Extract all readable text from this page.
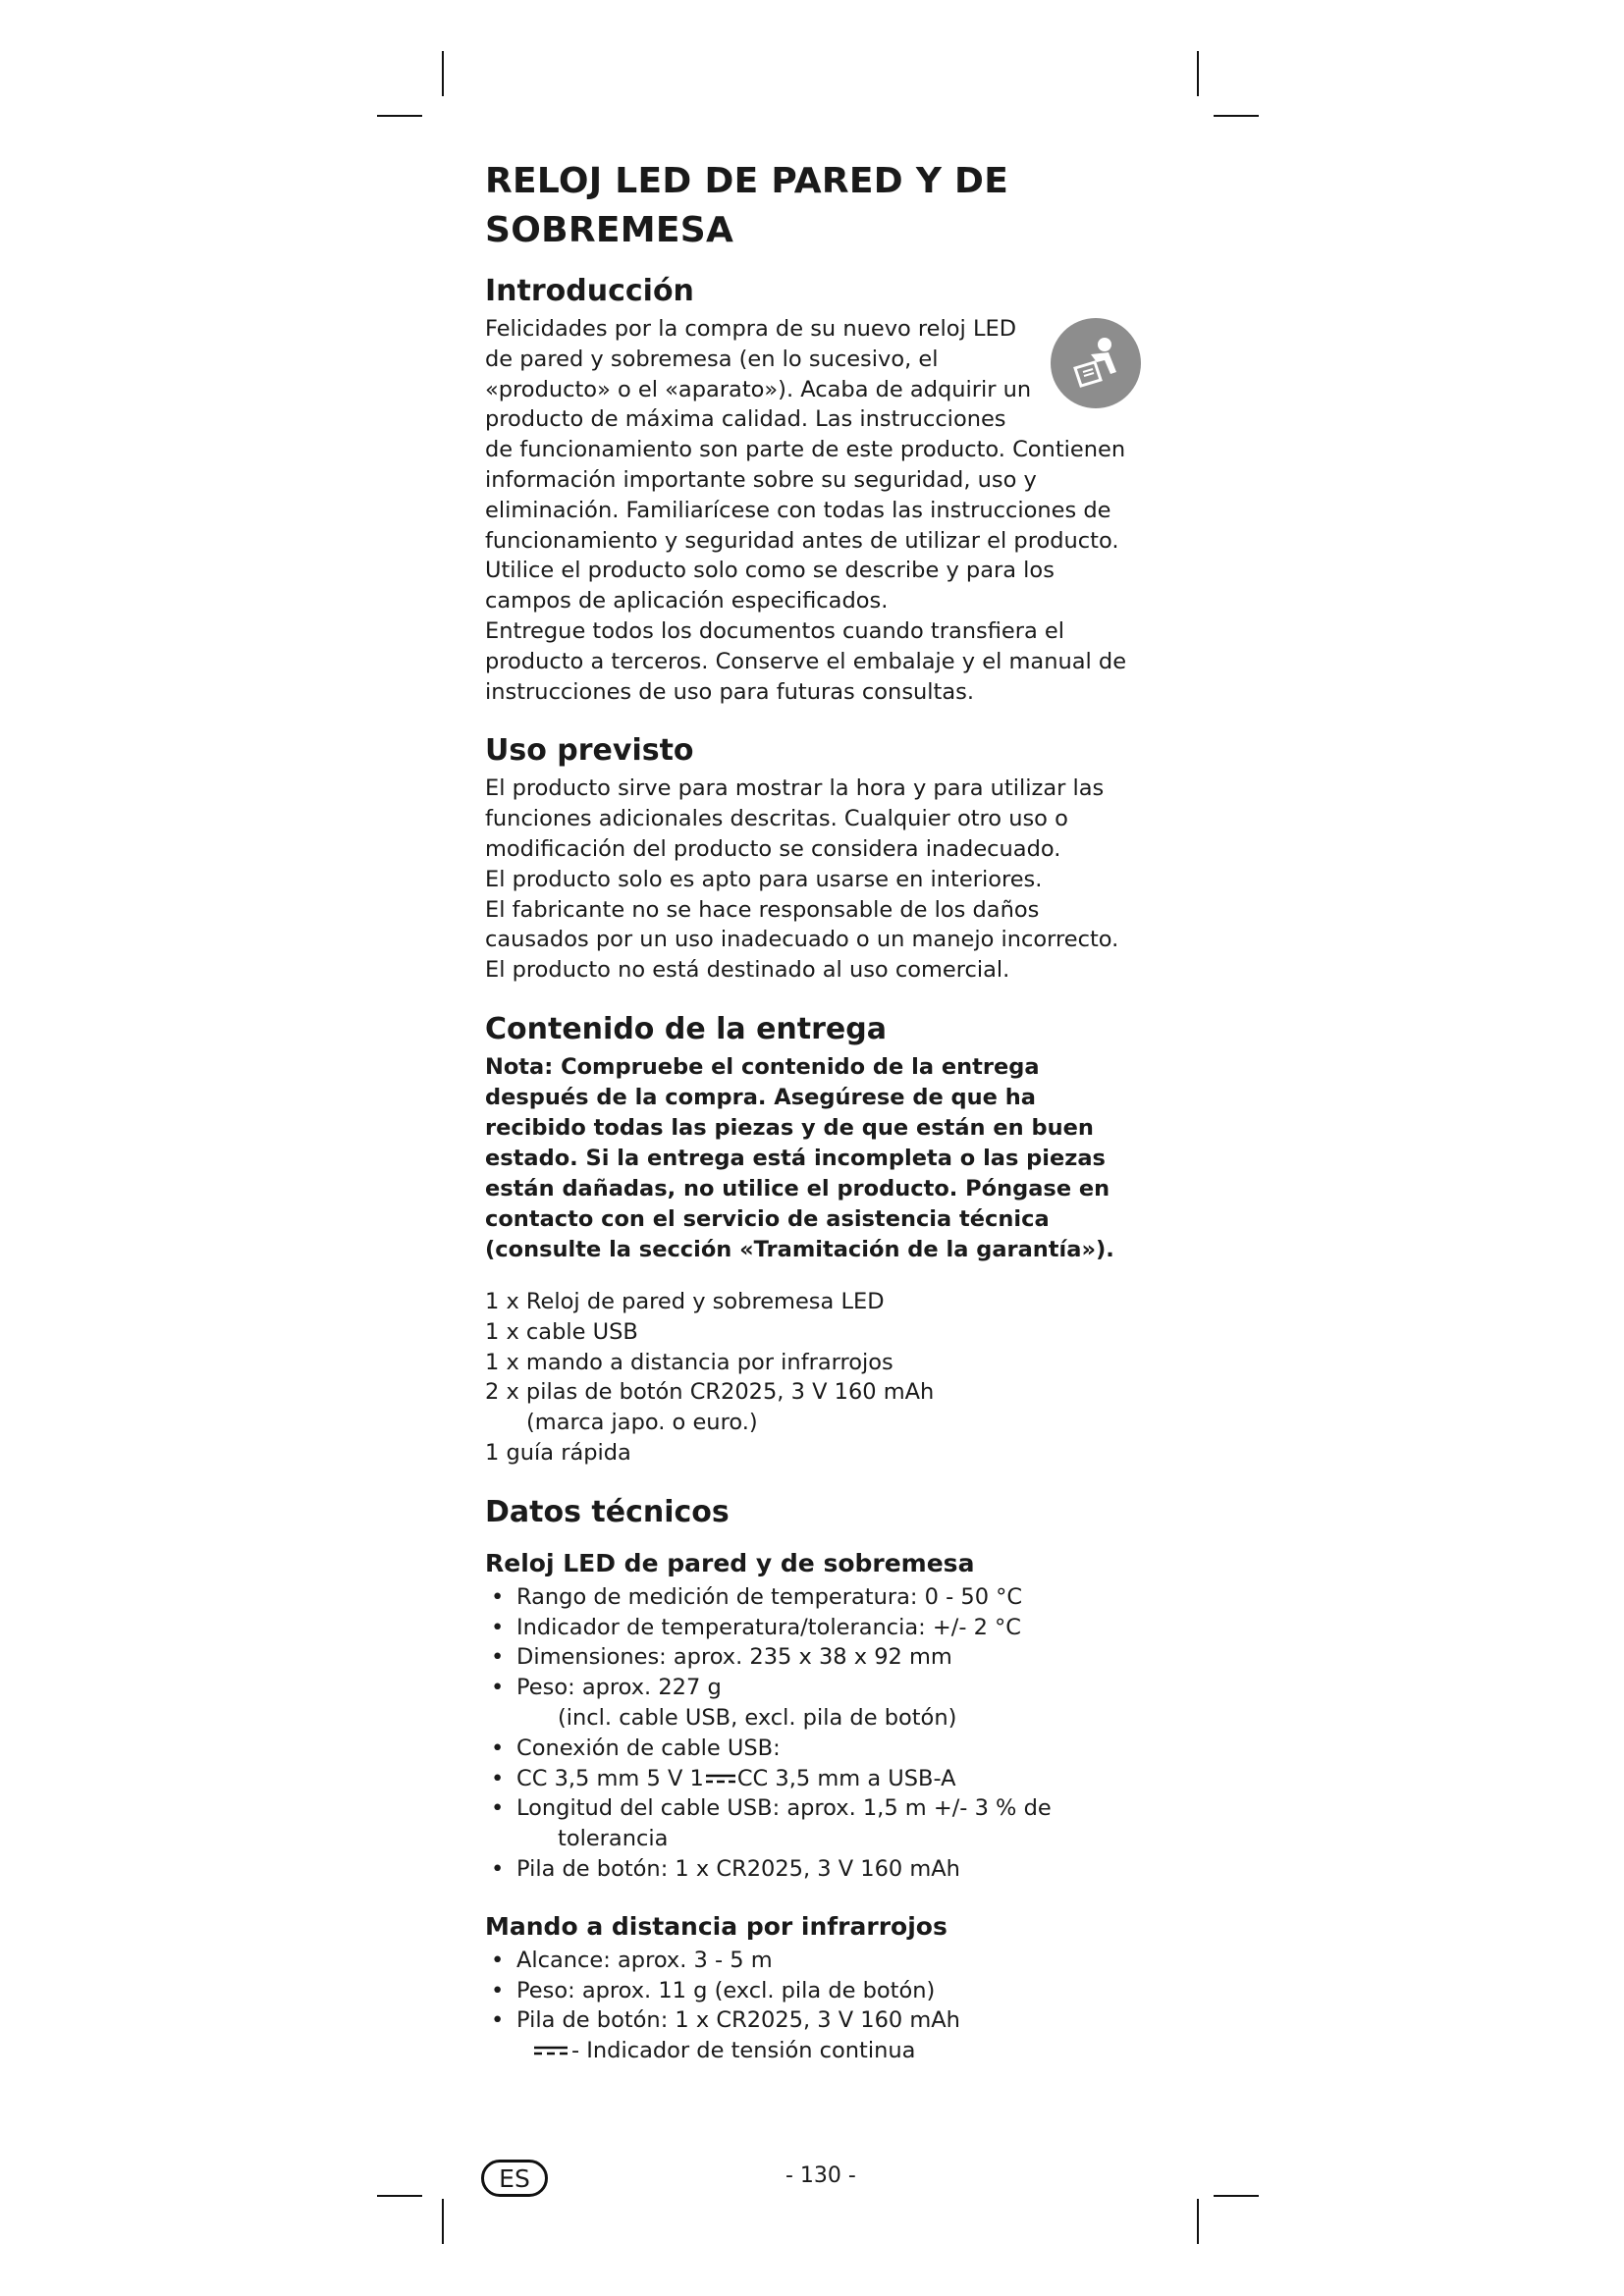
RELOJ LED DE PARED Y DE SOBREMESA
Introducción

Felicidades por la compra de su nuevo reloj LED de pared y sobremesa (en lo sucesivo, el «producto» o el «aparato»). Acaba de adquirir un producto de máxima calidad. Las instrucciones de funcionamiento son parte de este producto. Contienen información importante sobre su seguridad, uso y eliminación. Familiarícese con todas las instrucciones de funcionamiento y seguridad antes de utilizar el producto. Utilice el producto solo como se describe y para los campos de aplicación especificados.

Entregue todos los documentos cuando transfiera el producto a terceros. Conserve el embalaje y el manual de instrucciones de uso para futuras consultas.

Uso previsto

El producto sirve para mostrar la hora y para utilizar las funciones adicionales descritas. Cualquier otro uso o modificación del producto se considera inadecuado.

El producto solo es apto para usarse en interiores.

El fabricante no se hace responsable de los daños causados por un uso inadecuado o un manejo incorrecto. El producto no está destinado al uso comercial.

Contenido de la entrega
Nota: Compruebe el contenido de la entrega después de la compra. Asegúrese de que ha recibido todas las piezas y de que están en buen estado. Si la entrega está incompleta o las piezas están dañadas, no utilice el producto. Póngase en contacto con el servicio de asistencia técnica (consulte la sección «Tramitación de la garantía»).
1 x Reloj de pared y sobremesa LED
1 x cable USB
1 x mando a distancia por infrarrojos
2 x pilas de botón CR2025, 3 V 160 mAh
(marca japo. o euro.)
1 guía rápida
Datos técnicos
Reloj LED de pared y de sobremesa
• Rango de medición de temperatura: 0 - 50 °C
• Indicador de temperatura/tolerancia: +/- 2 °C
• Dimensiones: aprox. 235 x 38 x 92 mm
• Peso: aprox. 227 g
(incl. cable USB, excl. pila de botón)
• Conexión de cable USB:
• CC 3,5 mm 5 V 1 CC 3,5 mm a USB-A
• Longitud del cable USB: aprox. 1,5 m +/- 3 % de
tolerancia
• Pila de botón: 1 x CR2025, 3 V 160 mAh
Mando a distancia por infrarrojos
• Alcance: aprox. 3 - 5 m
• Peso: aprox. 11 g (excl. pila de botón)
• Pila de botón: 1 x CR2025, 3 V 160 mAh
- Indicador de tensión continua
ES	- 130 -
